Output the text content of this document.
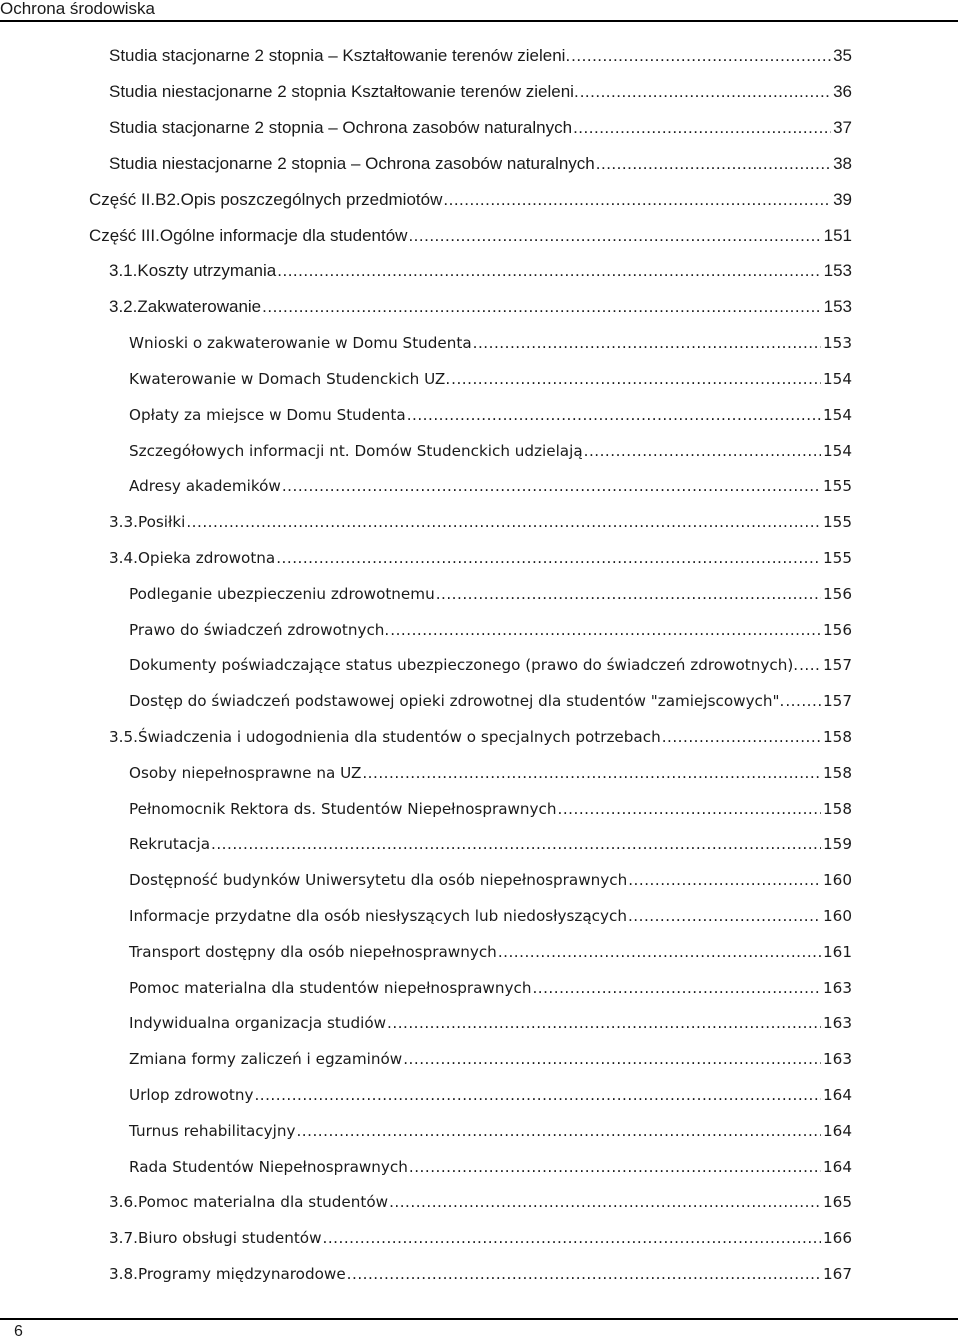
Ochrona środowiska
Studia stacjonarne 2 stopnia – Kształtowanie terenów zieleni. .....	35
Studia niestacjonarne 2 stopnia Kształtowanie terenów zieleni. .....	36
Studia stacjonarne 2 stopnia – Ochrona zasobów naturalnych .....	37
Studia niestacjonarne 2 stopnia – Ochrona zasobów naturalnych .....	38
Część II.B2.Opis poszczególnych przedmiotów .....	39
Część III.Ogólne informacje dla studentów .....	151
3.1.Koszty utrzymania .....	153
3.2.Zakwaterowanie .....	153
Wnioski o zakwaterowanie w Domu Studenta .....	153
Kwaterowanie w Domach Studenckich UZ. .....	154
Opłaty za miejsce w Domu Studenta .....	154
Szczegółowych informacji nt. Domów Studenckich udzielają .....	154
Adresy akademików .....	155
3.3.Posiłki .....	155
3.4.Opieka zdrowotna .....	155
Podleganie ubezpieczeniu zdrowotnemu .....	156
Prawo do świadczeń zdrowotnych. .....	156
Dokumenty poświadczające status ubezpieczonego (prawo do świadczeń zdrowotnych). ..... 157
Dostęp do świadczeń podstawowej opieki zdrowotnej dla studentów "zamiejscowych". .....	157
3.5.Świadczenia i udogodnienia dla studentów o specjalnych potrzebach .....	158
Osoby niepełnosprawne na UZ .....	158
Pełnomocnik Rektora ds. Studentów Niepełnosprawnych .....	158
Rekrutacja .....	159
Dostępność budynków Uniwersytetu dla osób niepełnosprawnych .....	160
Informacje przydatne dla osób niesłyszących lub niedosłyszących .....	160
Transport dostępny dla osób niepełnosprawnych .....	161
Pomoc materialna dla studentów niepełnosprawnych .....	163
Indywidualna organizacja studiów .....	163
Zmiana formy zaliczeń i egzaminów .....	163
Urlop zdrowotny .....	164
Turnus rehabilitacyjny .....	164
Rada Studentów Niepełnosprawnych .....	164
3.6.Pomoc materialna dla studentów .....	165
3.7.Biuro obsługi studentów .....	166
3.8.Programy międzynarodowe .....	167
6
